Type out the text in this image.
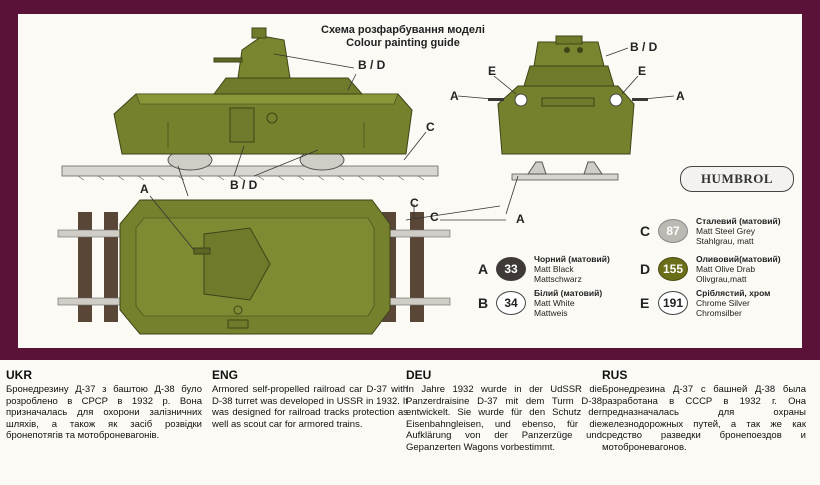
Схема розфарбування моделі
Colour painting guide
B / D
B / D
B / D
C
C
C
A
A
A	A
E	E
HUMBROL
A	33
Чорний (матовий)
Matt Black
Mattschwarz
B	34
Білий (матовий)
Matt White
Mattweis
C	87
Сталевий (матовий)
Matt Steel Grey
Stahlgrau, matt
D	155
Оливовий(матовий)
Matt Olive Drab
Olivgrau,matt
E	191
Сріблястий, хром
Chrome Silver
Chromsilber
UKR

Бронедрезину Д-37 з баштою Д-38 було розроблено в СРСР в 1932 р. Вона призначалась для охорони залізничних шляхів, а також як засіб розвідки бронепотягів та мотоброневагонів.

ENG

Armored self-propelled railroad car D-37 with D-38 turret was developed in USSR in 1932. It was designed for railroad tracks protection as well as scout car for armored trains.

DEU

In Jahre 1932 wurde in der UdSSR die Panzerdraisine D-37 mit dem Turm D-38 entwickelt. Sie wurde für den Schutz der Eisenbahngleisen, und ebenso, für die Aufklärung von der Panzerzüge und Gepanzerten Wagons vorbestimmt.

RUS

Бронедрезина Д-37 с башней Д-38 была разработана в СССР в 1932 г. Она предназначалась для охраны железнодорожных путей, а так же как средство разведки бронепоездов и мотоброневагонов.
